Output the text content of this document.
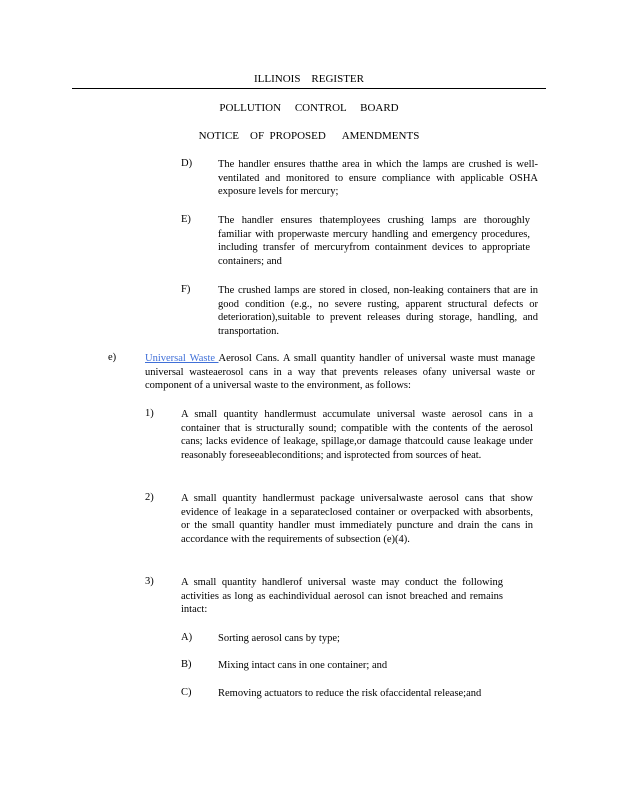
ILLINOIS    REGISTER
POLLUTION     CONTROL     BOARD
NOTICE    OF  PROPOSED      AMENDMENTS
D) The handler ensures thatthe area in which the lamps are crushed is well-ventilated and monitored to ensure compliance with applicable OSHA exposure levels for mercury;
E)	The handler ensures thatemployees crushing lamps are thoroughly familiar with properwaste mercury handling and emergency procedures, including transfer of mercuryfrom containment devices to appropriate containers; and
F)	The crushed lamps are stored in closed, non-leaking containers that are in good condition (e.g., no severe rusting, apparent structural defects or deterioration),suitable to prevent releases during storage, handling, and transportation.
e)	Universal Waste Aerosol Cans. A small quantity handler of universal waste must manage universal wasteaerosol cans in a way that prevents releases ofany universal waste or component of a universal waste to the environment, as follows:
1)	A small quantity handlermust accumulate universal waste aerosol cans in a container that is structurally sound; compatible with the contents of the aerosol cans; lacks evidence of leakage, spillage,or damage thatcould cause leakage under reasonably foreseeableconditions; and isprotected from sources of heat.
2)	A small quantity handlermust package universalwaste aerosol cans that show evidence of leakage in a separateclosed container or overpacked with absorbents, or the small quantity handler must immediately puncture and drain the cans in accordance with the requirements of subsection (e)(4).
3)	A small quantity handlerof universal waste may conduct the following activities as long as eachindividual aerosol can isnot breached and remains intact:
A) Sorting aerosol cans by type;
B)	Mixing intact cans in one container; and
C)	Removing actuators to reduce the risk ofaccidental release;and
